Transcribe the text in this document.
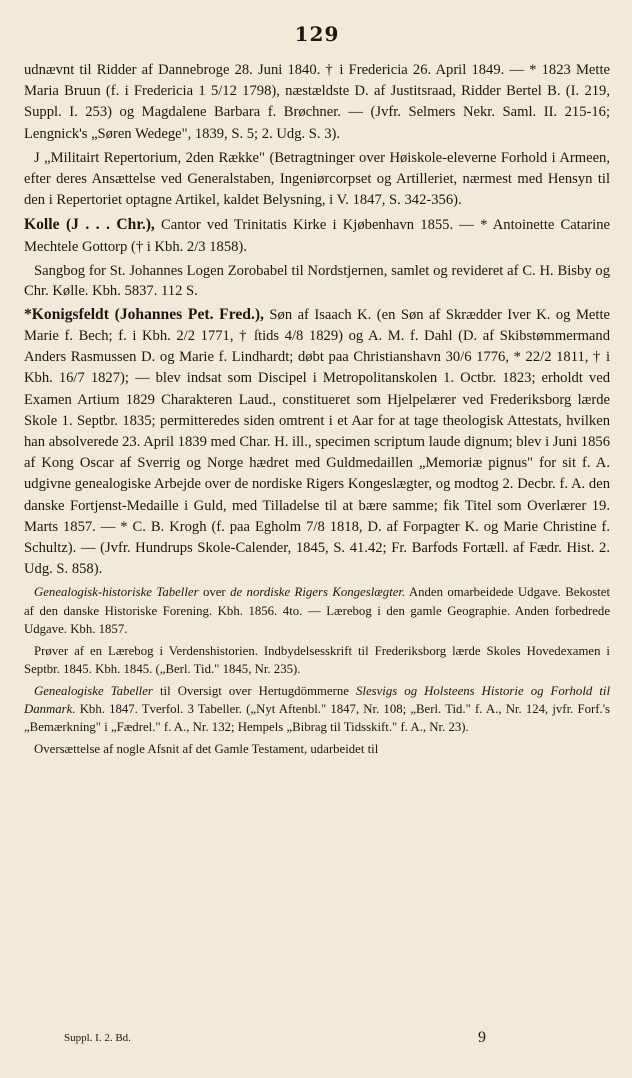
129

udnævnt til Ridder af Dannebroge 28. Juni 1840. † i Fredericia 26. April 1849. — * 1823 Mette Maria Bruun (f. i Fredericia 1 5/12 1798), næstældste D. af Justitsraad, Ridder Bertel B. (I. 219, Suppl. I. 253) og Magdalene Barbara f. Brøchner. — (Jvfr. Selmers Nekr. Saml. II. 215-16; Lengnick's „Søren Wedege", 1839, S. 5; 2. Udg. S. 3).

J „Militairt Repertorium, 2den Række" (Betragtninger over Høiskole-eleverne Forhold i Armeen, efter deres Ansættelse ved Generalstaben, Ingeniørcorpset og Artilleriet, nærmest med Hensyn til den i Repertoriet optagne Artikel, kaldet Belysning, i V. 1847, S. 342-356).

Kolle (J . . . Chr.), Cantor ved Trinitatis Kirke i Kjøbenhavn 1855. — * Antoinette Catarine Mechtele Gottorp († i Kbh. 2/3 1858).

Sangbog for St. Johannes Logen Zorobabel til Nordstjernen, samlet og revideret af C. H. Bisby og Chr. Kølle. Kbh. 5837. 112 S.

*Konigsfeldt (Johannes Pet. Fred.), Søn af Isaach K. (en Søn af Skrædder Iver K. og Mette Marie f. Bech; f. i Kbh. 2/2 1771, † ſtids 4/8 1829) og A. M. f. Dahl (D. af Skibstømmermand Anders Rasmussen D. og Marie f. Lindhardt; døbt paa Christianshavn 30/6 1776, * 22/2 1811, † i Kbh. 16/7 1827); — blev indsat som Discipel i Metropolitanskolen 1. Octbr. 1823; erholdt ved Examen Artium 1829 Charakteren Laud., constitueret som Hjelpelærer ved Frederiksborg lærde Skole 1. Septbr. 1835; permitteredes siden omtrent i et Aar for at tage theologisk Attestats, hvilken han absolverede 23. April 1839 med Char. H. ill., specimen scriptum laude dignum; blev i Juni 1856 af Kong Oscar af Sverrig og Norge hædret med Guldmedaillen „Memoriæ pignus" for sit f. A. udgivne genealogiske Arbejde over de nordiske Rigers Kongeslægter, og modtog 2. Decbr. f. A. den danske Fortjenst-Medaille i Guld, med Tilladelse til at bære samme; fik Titel som Overlærer 19. Marts 1857. — * C. B. Krogh (f. paa Egholm 7/8 1818, D. af Forpagter K. og Marie Christine f. Schultz). — (Jvfr. Hundrups Skole-Calender, 1845, S. 41.42; Fr. Barfods Fortæll. af Fædr. Hist. 2. Udg. S. 858).

Genealogisk-historiske Tabeller over de nordiske Rigers Kongeslægter. Anden omarbeidede Udgave. Bekostet af den danske Historiske Forening. Kbh. 1856. 4to. — Lærebog i den gamle Geographie. Anden forbedrede Udgave. Kbh. 1857.

Prøver af en Lærebog i Verdenshistorien. Indbydelsesskrift til Frederiksborg lærde Skoles Hovedexamen i Septbr. 1845. Kbh. 1845. („Berl. Tid." 1845, Nr. 235).

Genealogiske Tabeller til Oversigt over Hertugdömmerne Slesvigs og Holsteens Historie og Forhold til Danmark. Kbh. 1847. Tverfol. 3 Tabeller. („Nyt Aftenbl." 1847, Nr. 108; „Berl. Tid." f. A., Nr. 124, jvfr. Forf.'s „Bemærkning" i „Fædrel." f. A., Nr. 132; Hempels „Bibrag til Tidsskift." f. A., Nr. 23).

Oversættelse af nogle Afsnit af det Gamle Testament, udarbeidet til

Suppl. I. 2. Bd.	9
